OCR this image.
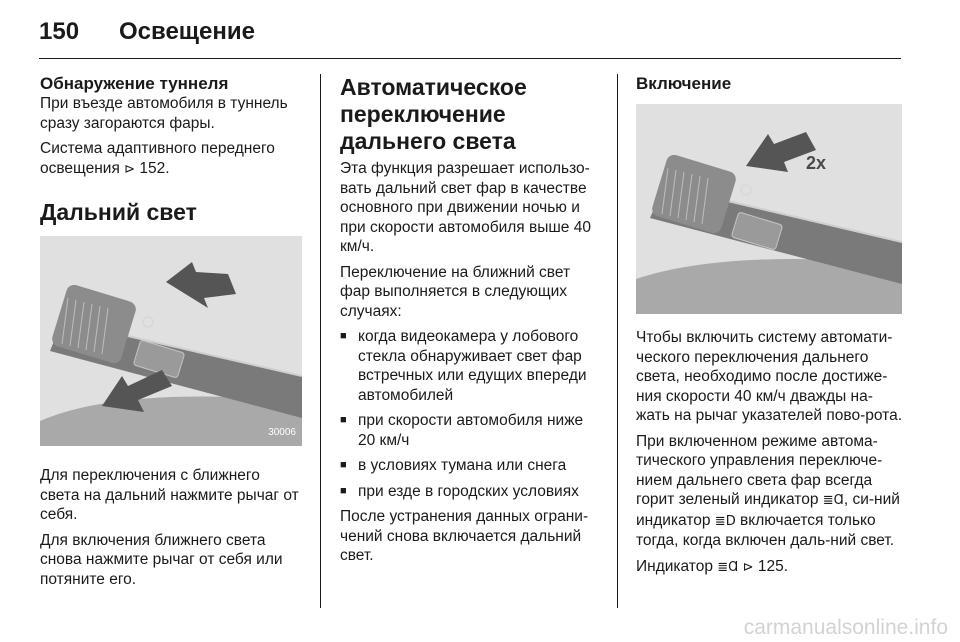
150 Освещение
Обнаружение туннеля

При въезде автомобиля в туннель сразу загораются фары.

Система адаптивного переднего освещения ⊳ 152.

Дальний свет
30006

Для переключения с ближнего света на дальний нажмите рычаг от себя.

Для включения ближнего света снова нажмите рычаг от себя или потяните его.

Автоматическое переключение дальнего света

Эта функция разрешает использо-вать дальний свет фар в качестве основного при движении ночью и при скорости автомобиля выше 40 км/ч.

Переключение на ближний свет фар выполняется в следующих случаях:

■ когда видеокамера у лобового стекла обнаруживает свет фар встречных или едущих впереди автомобилей
■ при скорости автомобиля ниже 20 км/ч
■ в условиях тумана или снега
■ при езде в городских условиях

После устранения данных ограни-чений снова включается дальний свет.

Включение
2x

Чтобы включить систему автомати-ческого переключения дальнего света, необходимо после достиже-ния скорости 40 км/ч дважды на-жать на рычаг указателей пово-рота.

При включенном режиме автома-тического управления переключе-нием дальнего света фар всегда горит зеленый индикатор ≣Ɑ, си-ний индикатор ≣D включается только тогда, когда включен даль-ний свет.

Индикатор ≣Ɑ ⊳ 125.

carmanualsonline.info
